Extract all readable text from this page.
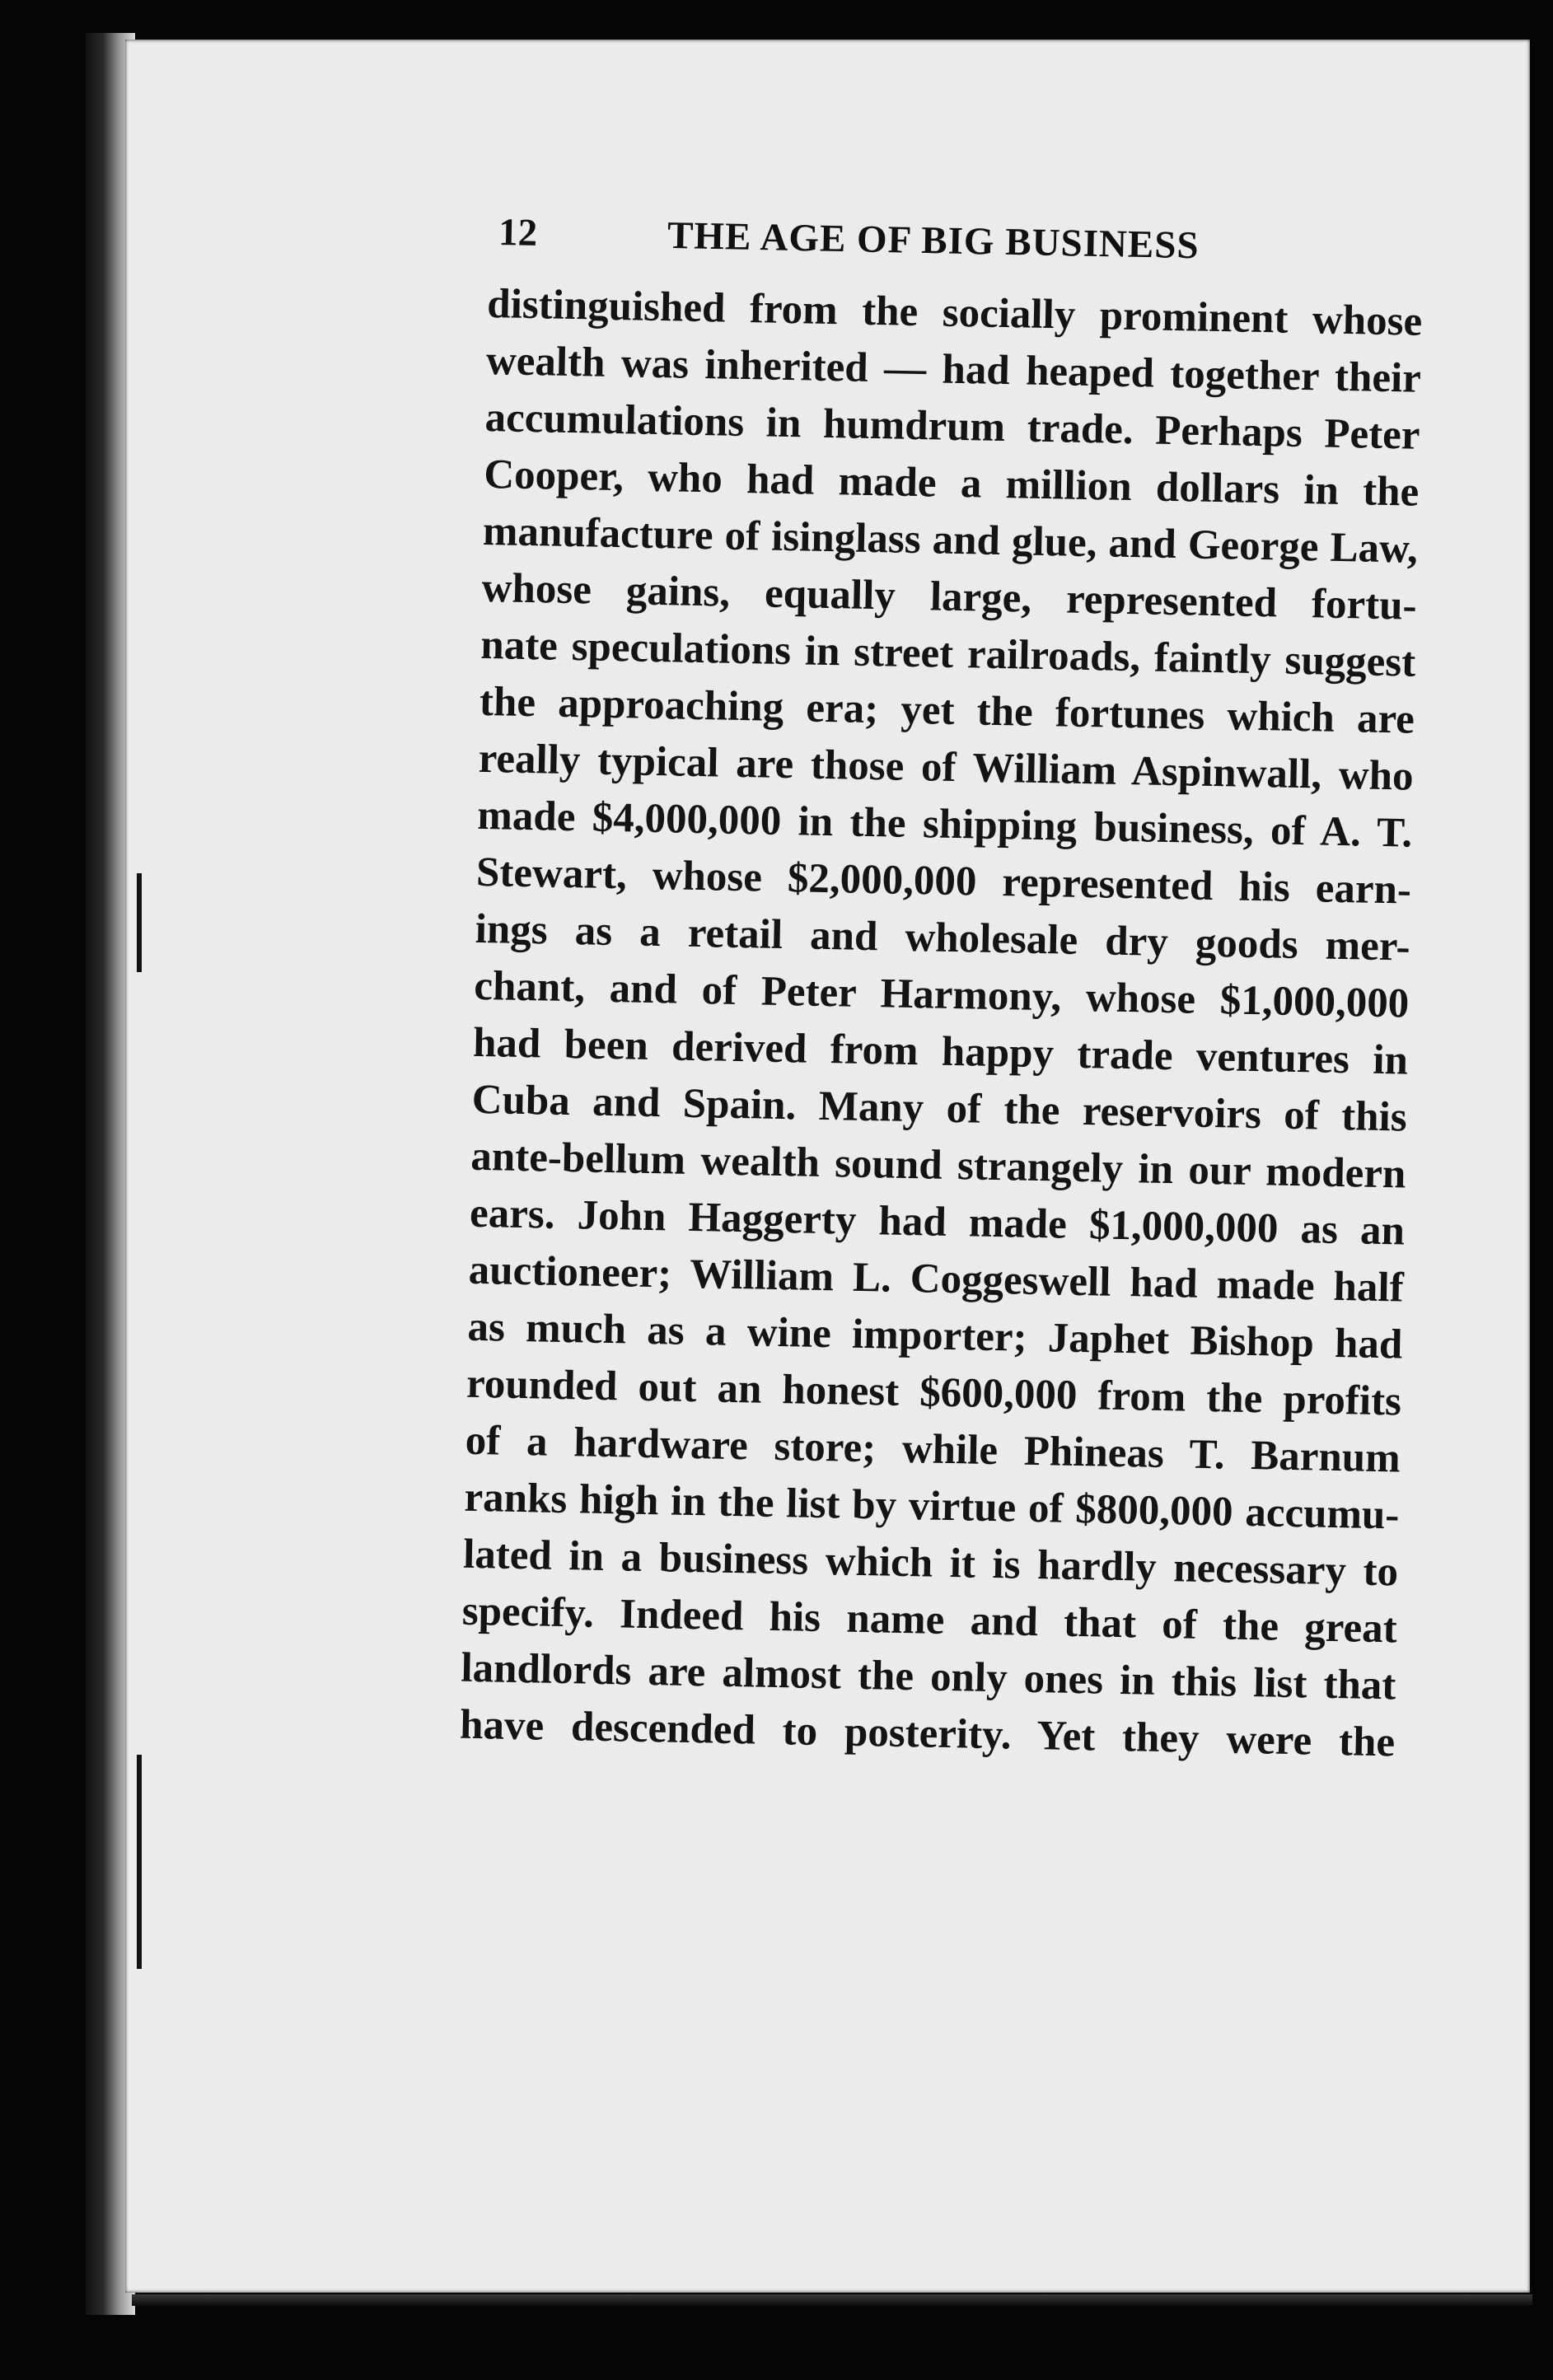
12	THE AGE OF BIG BUSINESS
distinguished from the socially prominent whose
wealth was inherited — had heaped together their
accumulations in humdrum trade. Perhaps Peter
Cooper, who had made a million dollars in the
manufacture of isinglass and glue, and George Law,
whose gains, equally large, represented fortu-
nate speculations in street railroads, faintly suggest
the approaching era; yet the fortunes which are
really typical are those of William Aspinwall, who
made $4,000,000 in the shipping business, of A. T.
Stewart, whose $2,000,000 represented his earn-
ings as a retail and wholesale dry goods mer-
chant, and of Peter Harmony, whose $1,000,000
had been derived from happy trade ventures in
Cuba and Spain. Many of the reservoirs of this
ante-bellum wealth sound strangely in our modern
ears. John Haggerty had made $1,000,000 as an
auctioneer; William L. Coggeswell had made half
as much as a wine importer; Japhet Bishop had
rounded out an honest $600,000 from the profits
of a hardware store; while Phineas T. Barnum
ranks high in the list by virtue of $800,000 accumu-
lated in a business which it is hardly necessary to
specify. Indeed his name and that of the great
landlords are almost the only ones in this list that
have descended to posterity. Yet they were the
